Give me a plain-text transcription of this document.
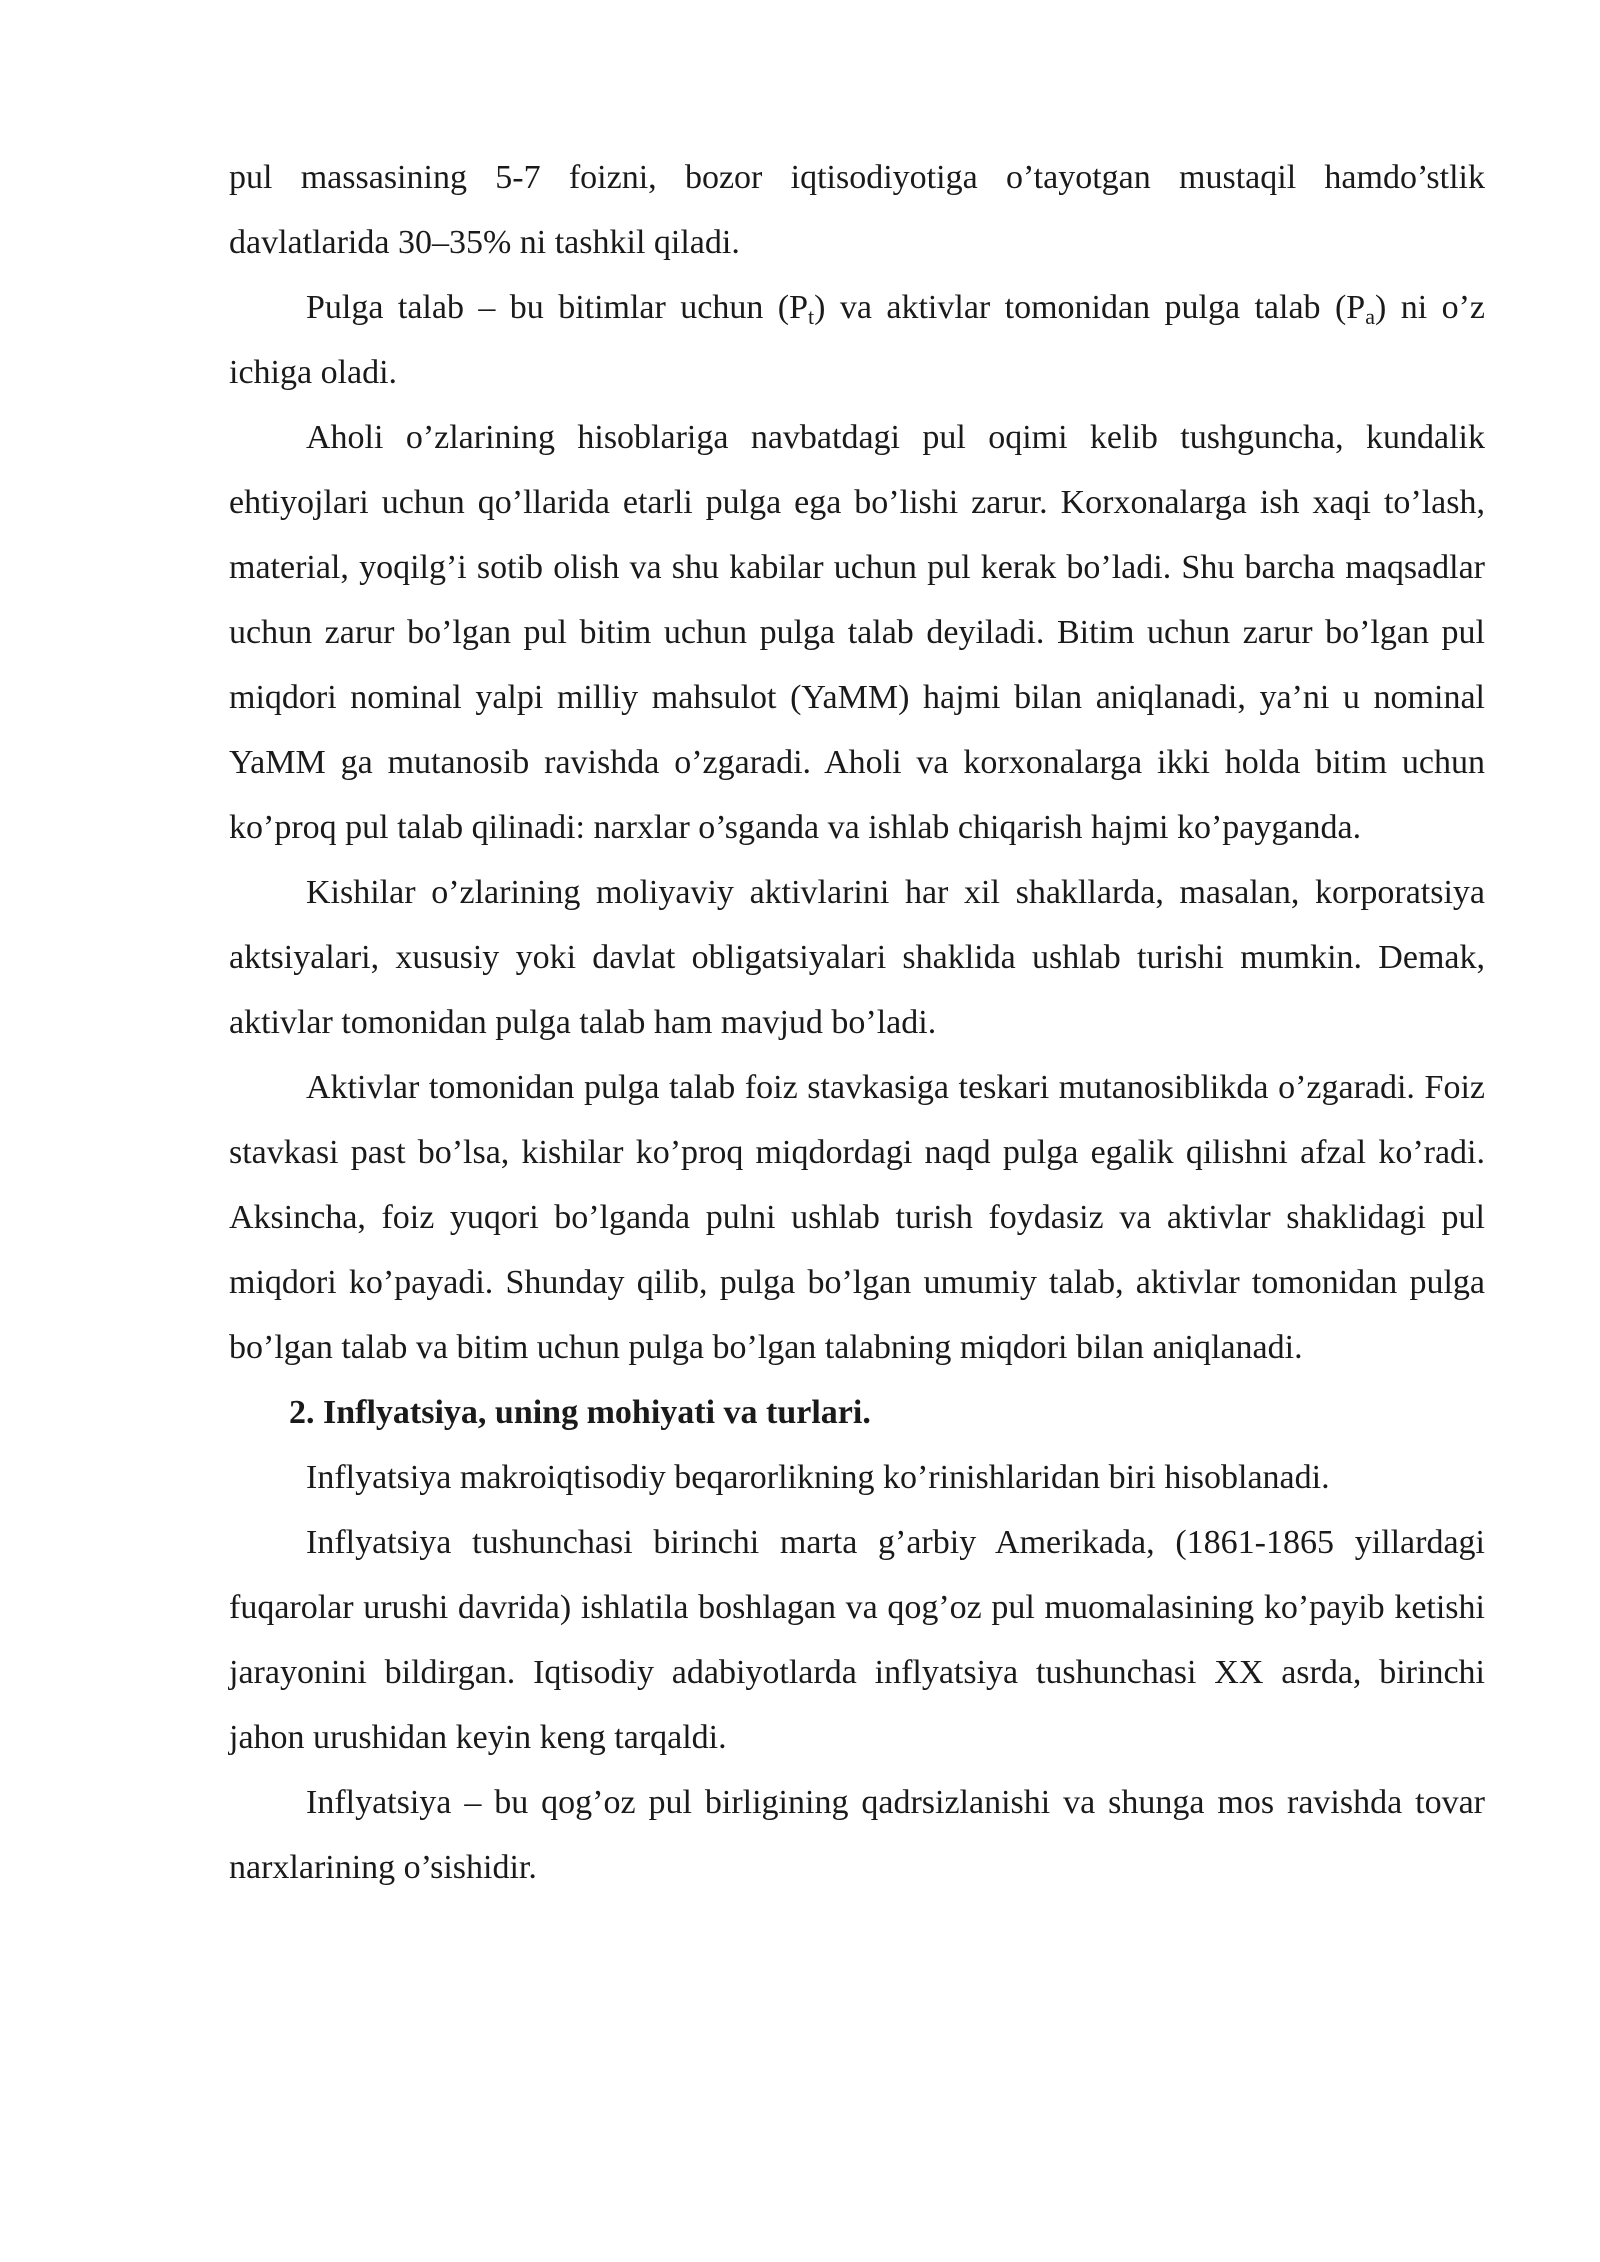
pul massasining 5-7 foizni, bozor iqtisodiyotiga o’tayotgan mustaqil hamdo’stlik davlatlarida 30–35% ni tashkil qiladi.

Pulga talab – bu bitimlar uchun (Pt) va aktivlar tomonidan pulga talab (Pa) ni o’z ichiga oladi.

Aholi o’zlarining hisoblariga navbatdagi pul oqimi kelib tushguncha, kundalik ehtiyojlari uchun qo’llarida etarli pulga ega bo’lishi zarur. Korxonalarga ish xaqi to’lash, material, yoqilg’i sotib olish va shu kabilar uchun pul kerak bo’ladi. Shu barcha maqsadlar uchun zarur bo’lgan pul bitim uchun pulga talab deyiladi. Bitim uchun zarur bo’lgan pul miqdori nominal yalpi milliy mahsulot (YaMM) hajmi bilan aniqlanadi, ya’ni u nominal YaMM ga mutanosib ravishda o’zgaradi. Aholi va korxonalarga ikki holda bitim uchun ko’proq pul talab qilinadi: narxlar o’sganda va ishlab chiqarish hajmi ko’payganda.

Kishilar o’zlarining moliyaviy aktivlarini har xil shakllarda, masalan, korporatsiya aktsiyalari, xususiy yoki davlat obligatsiyalari shaklida ushlab turishi mumkin. Demak, aktivlar tomonidan pulga talab ham mavjud bo’ladi.

Aktivlar tomonidan pulga talab foiz stavkasiga teskari mutanosiblikda o’zgaradi. Foiz stavkasi past bo’lsa, kishilar ko’proq miqdordagi naqd pulga egalik qilishni afzal ko’radi. Aksincha, foiz yuqori bo’lganda pulni ushlab turish foydasiz va aktivlar shaklidagi pul miqdori ko’payadi. Shunday qilib, pulga bo’lgan umumiy talab, aktivlar tomonidan pulga bo’lgan talab va bitim uchun pulga bo’lgan talabning miqdori bilan aniqlanadi.

2. Inflyatsiya, uning mohiyati va turlari.

Inflyatsiya makroiqtisodiy beqarorlikning ko’rinishlaridan biri hisoblanadi.

Inflyatsiya tushunchasi birinchi marta g’arbiy Amerikada, (1861-1865 yillardagi fuqarolar urushi davrida) ishlatila boshlagan va qog’oz pul muomalasining ko’payib ketishi jarayonini bildirgan. Iqtisodiy adabiyotlarda inflyatsiya tushunchasi XX asrda, birinchi jahon urushidan keyin keng tarqaldi.

Inflyatsiya – bu qog’oz pul birligining qadrsizlanishi va shunga mos ravishda tovar narxlarining o’sishidir.
